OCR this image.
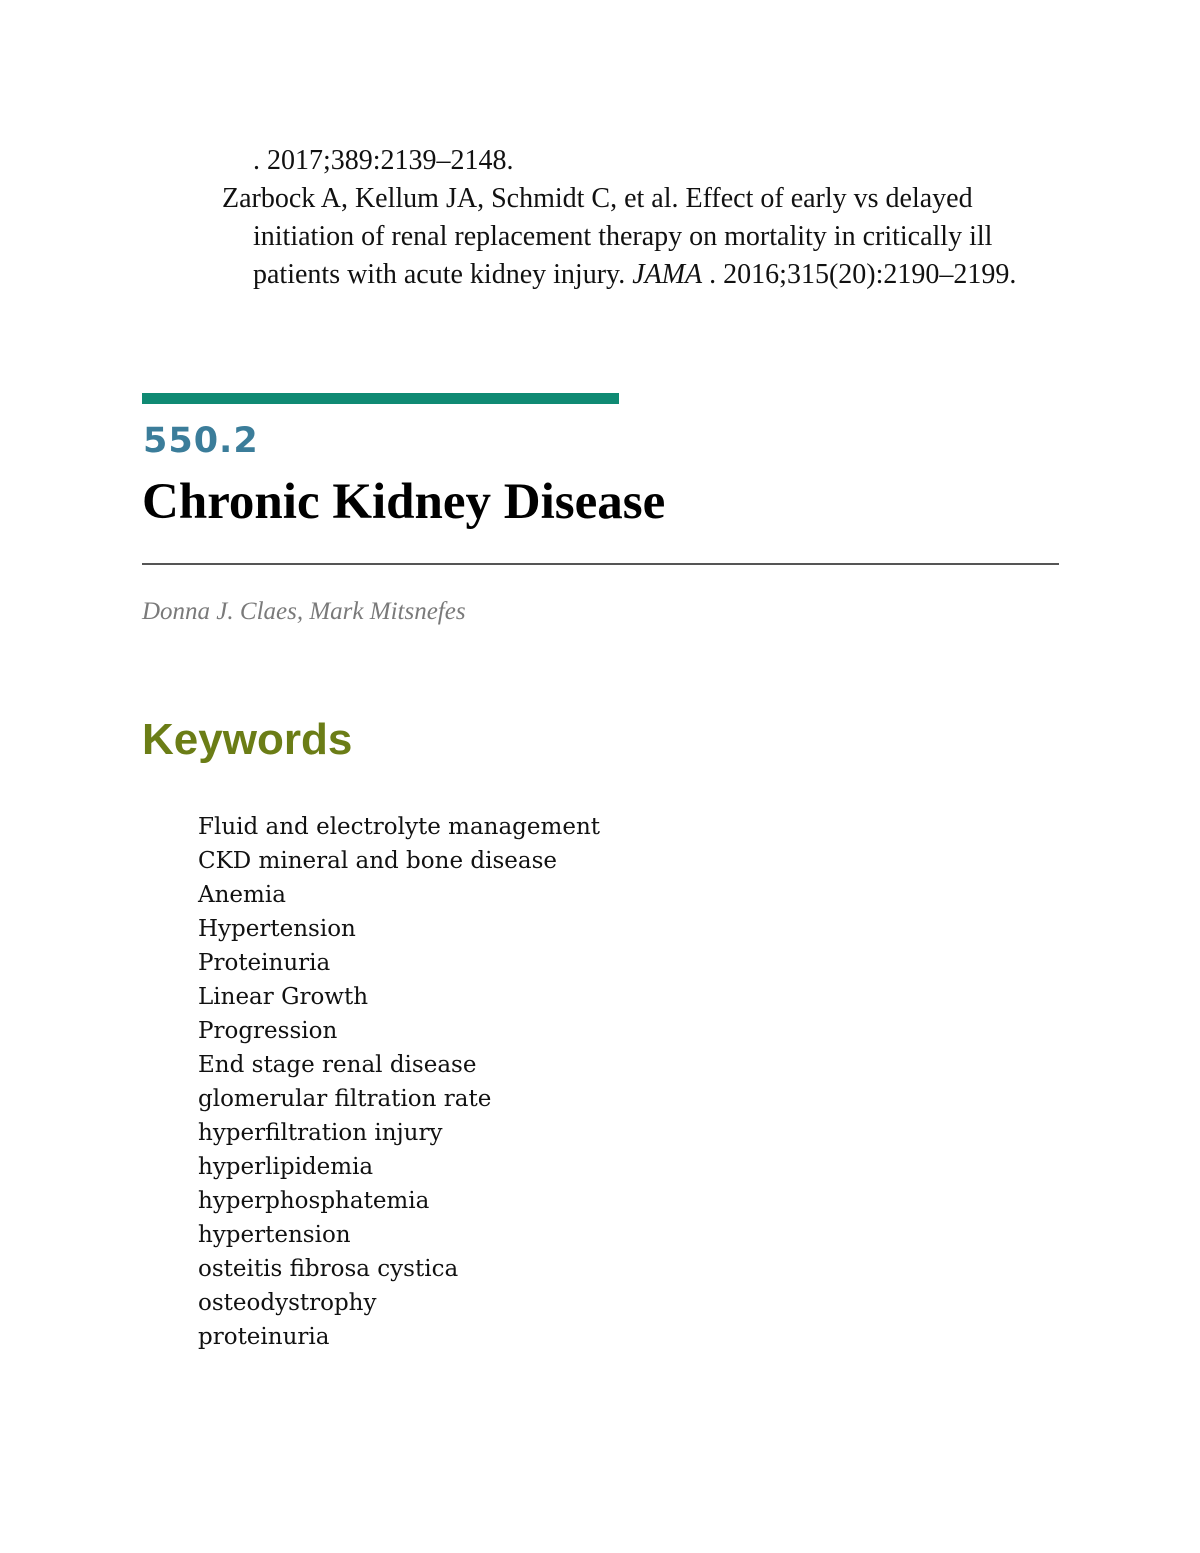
. 2017;389:2139–2148.

Zarbock A, Kellum JA, Schmidt C, et al. Effect of early vs delayed initiation of renal replacement therapy on mortality in critically ill patients with acute kidney injury. JAMA . 2016;315(20):2190–2199.

550.2
Chronic Kidney Disease
Donna J. Claes, Mark Mitsnefes
Keywords
Fluid and electrolyte management
CKD mineral and bone disease
Anemia
Hypertension
Proteinuria
Linear Growth
Progression
End stage renal disease
glomerular filtration rate
hyperfiltration injury
hyperlipidemia
hyperphosphatemia
hypertension
osteitis fibrosa cystica
osteodystrophy
proteinuria
